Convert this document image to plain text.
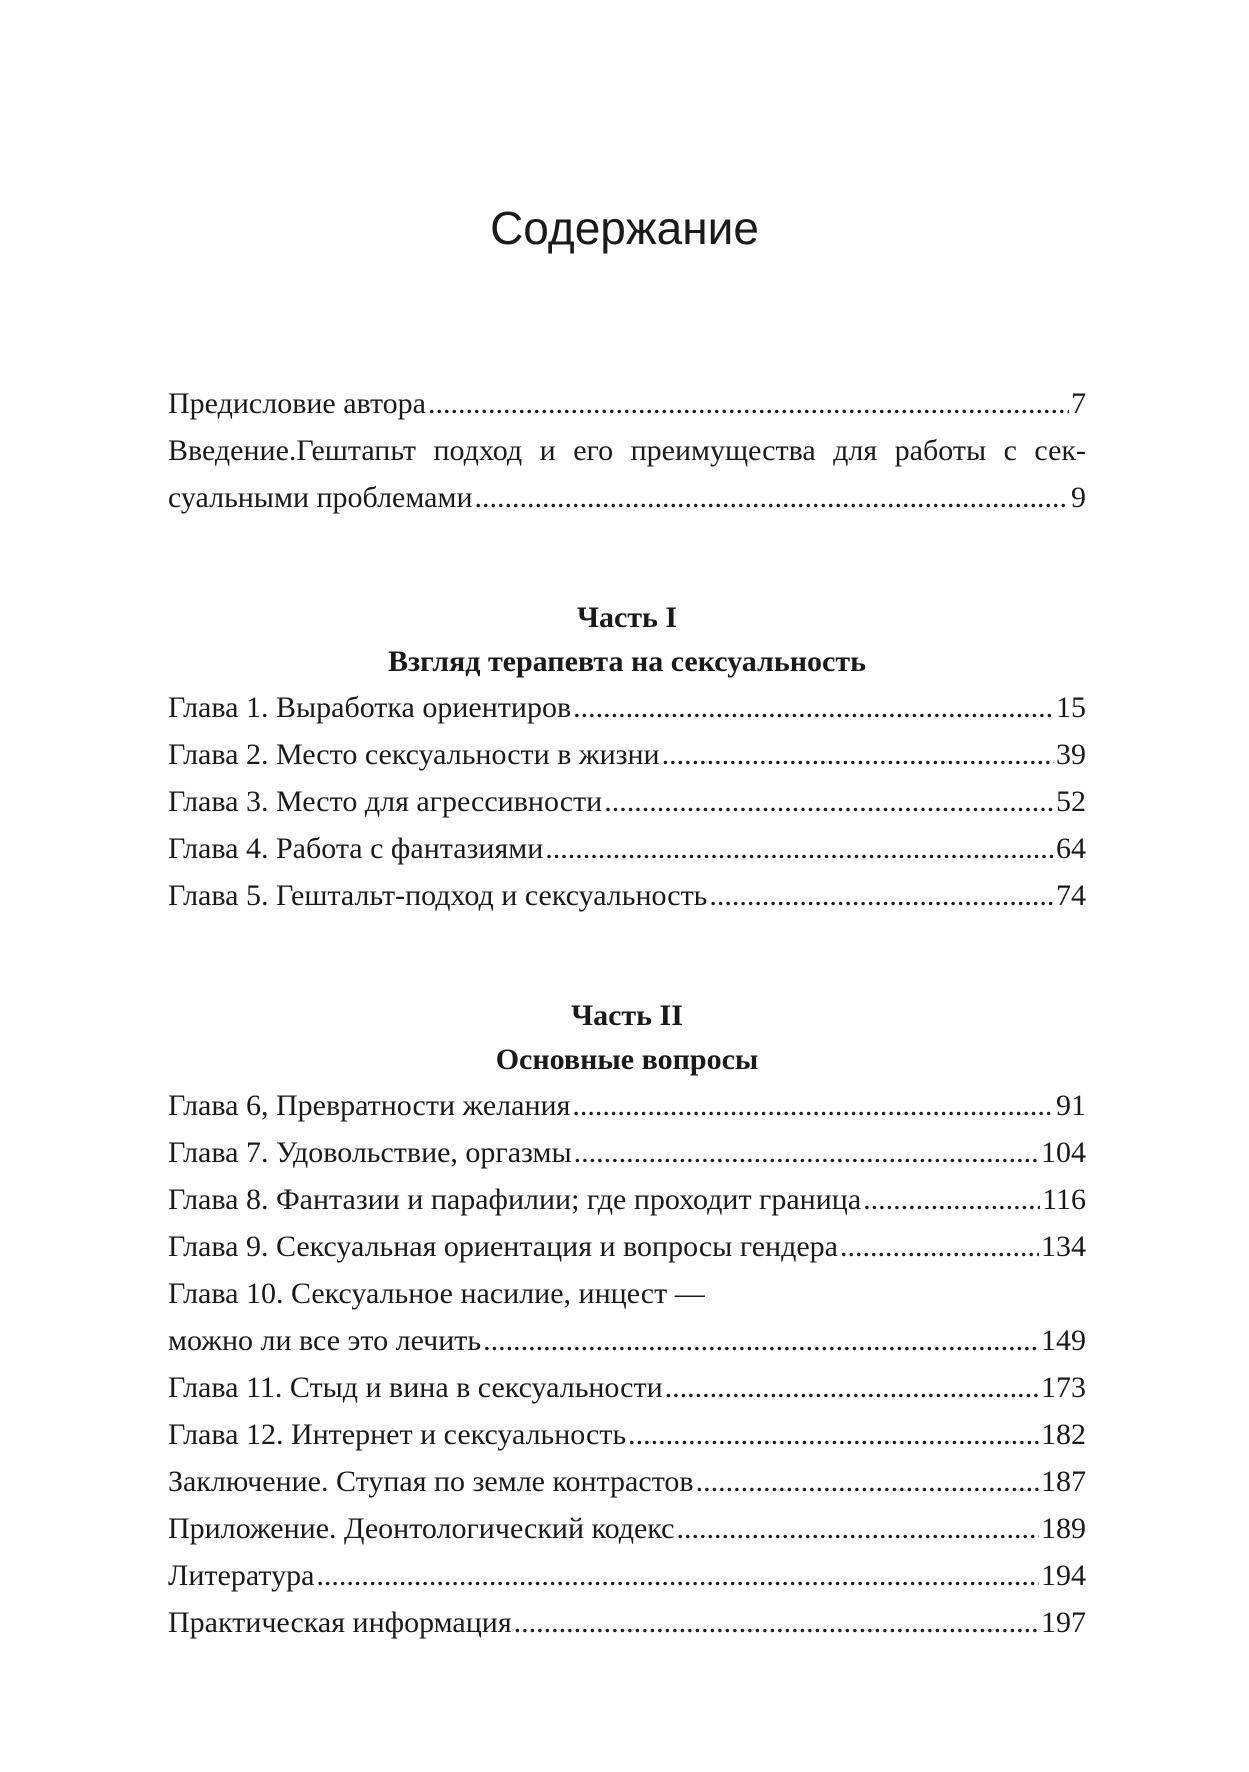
Содержание
Предисловие автора .....	7
Введение.Гештапьт подход и его преимущества для работы с сек-
суальными проблемами .....	9
Часть I
Взгляд терапевта на сексуальность
Глава 1. Выработка ориентиров .....	15
Глава 2. Место сексуальности в жизни .....	39
Глава 3. Место для агрессивности .....	52
Глава 4. Работа с фантазиями .....	64
Глава 5. Гештальт-подход и сексуальность .....	74
Часть II
Основные вопросы
Глава 6, Превратности желания .....	91
Глава 7. Удовольствие, оргазмы .....	104
Глава 8. Фантазии и парафилии; где проходит граница .....	116
Глава 9. Сексуальная ориентация и вопросы гендера .....	134
Глава 10. Сексуальное насилие, инцест —
можно ли все это лечить .....	149
Глава 11. Стыд и вина в сексуальности .....	173
Глава 12. Интернет и сексуальность .....	182
Заключение. Ступая по земле контрастов .....	187
Приложение. Деонтологический кодекс .....	189
Литература .....	194
Практическая информация .....	197
